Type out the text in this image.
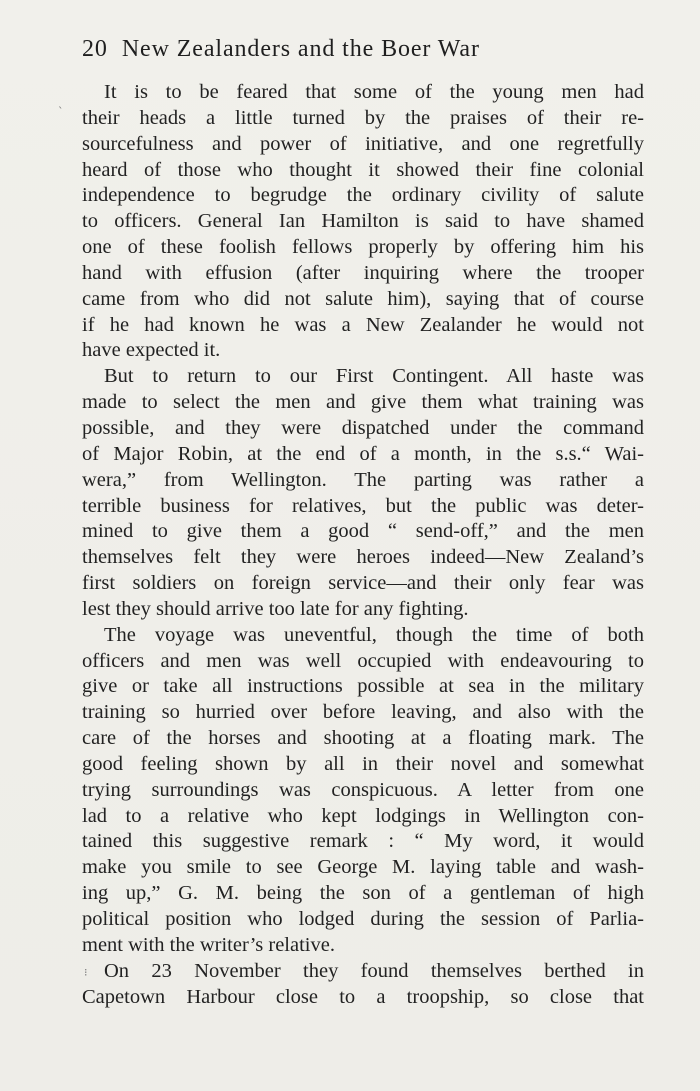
20 New Zealanders and the Boer War
ˎ
⁝
It is to be feared that some of the young men had
their heads a little turned by the praises of their re-
sourcefulness and power of initiative, and one regretfully
heard of those who thought it showed their fine colonial
independence to begrudge the ordinary civility of salute
to officers. General Ian Hamilton is said to have shamed
one of these foolish fellows properly by offering him his
hand with effusion (after inquiring where the trooper
came from who did not salute him), saying that of course
if he had known he was a New Zealander he would not
have expected it.
But to return to our First Contingent. All haste was
made to select the men and give them what training was
possible, and they were dispatched under the command
of Major Robin, at the end of a month, in the s.s.“ Wai-
wera,” from Wellington. The parting was rather a
terrible business for relatives, but the public was deter-
mined to give them a good “ send-off,” and the men
themselves felt they were heroes indeed—New Zealand’s
first soldiers on foreign service—and their only fear was
lest they should arrive too late for any fighting.
The voyage was uneventful, though the time of both
officers and men was well occupied with endeavouring to
give or take all instructions possible at sea in the military
training so hurried over before leaving, and also with the
care of the horses and shooting at a floating mark. The
good feeling shown by all in their novel and somewhat
trying surroundings was conspicuous. A letter from one
lad to a relative who kept lodgings in Wellington con-
tained this suggestive remark : “ My word, it would
make you smile to see George M. laying table and wash-
ing up,” G. M. being the son of a gentleman of high
political position who lodged during the session of Parlia-
ment with the writer’s relative.
On 23 November they found themselves berthed in
Capetown Harbour close to a troopship, so close that
